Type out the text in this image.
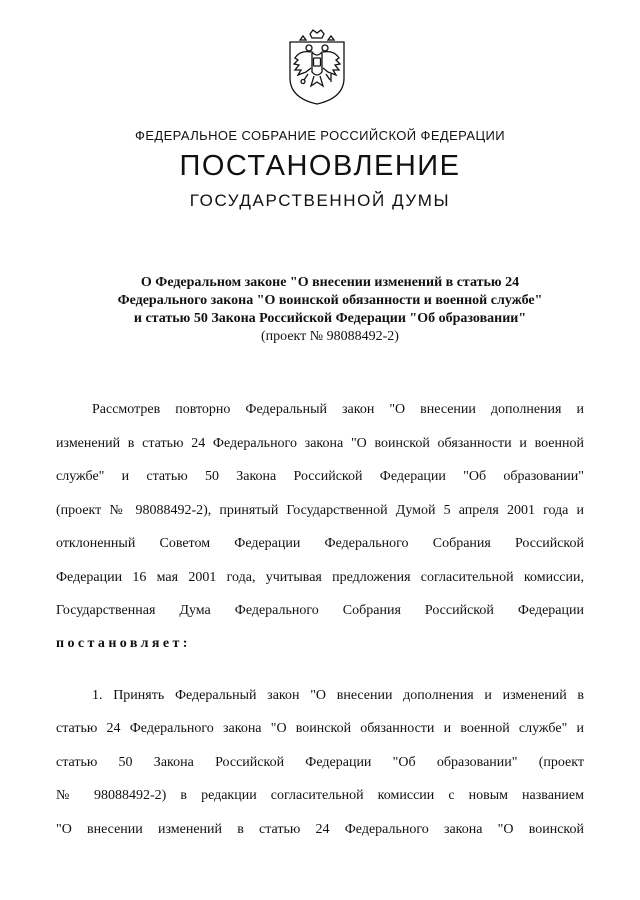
ФЕДЕРАЛЬНОЕ СОБРАНИЕ РОССИЙСКОЙ ФЕДЕРАЦИИ
ПОСТАНОВЛЕНИЕ
ГОСУДАРСТВЕННОЙ ДУМЫ
О Федеральном законе "О внесении изменений в статью 24
Федерального закона "О воинской обязанности и военной службе"
и статью 50 Закона Российской Федерации "Об образовании"
(проект № 98088492-2)
Рассмотрев повторно Федеральный закон "О внесении дополнения и
изменений в статью 24 Федерального закона "О воинской обязанности и военной
службе" и статью 50 Закона Российской Федерации "Об образовании"
(проект № 98088492-2), принятый Государственной Думой 5 апреля 2001 года и
отклоненный Советом Федерации Федерального Собрания Российской
Федерации 16 мая 2001 года, учитывая предложения согласительной комиссии,
Государственная Дума Федерального Собрания Российской Федерации
постановляет:
1. Принять Федеральный закон "О внесении дополнения и изменений в
статью 24 Федерального закона "О воинской обязанности и военной службе" и
статью 50 Закона Российской Федерации "Об образовании" (проект
№ 98088492-2) в редакции согласительной комиссии с новым названием
"О внесении изменений в статью 24 Федерального закона "О воинской
